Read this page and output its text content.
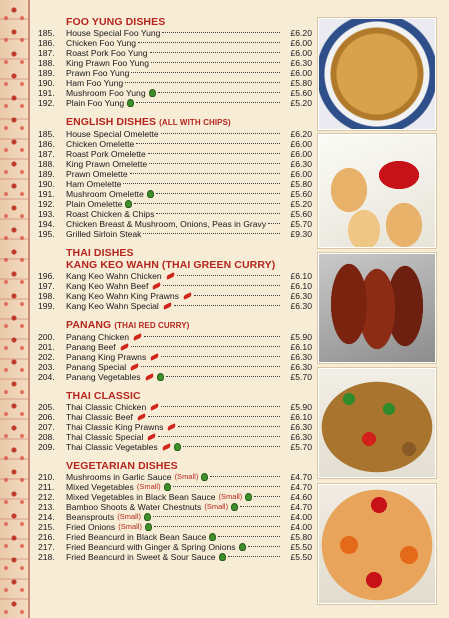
FOO YUNG DISHES
185.	House Special Foo Yung	£6.20
186.	Chicken Foo Yung	£6.00
187.	Roast Pork Foo Yung	£6.00
188.	King Prawn Foo Yung	£6.30
189.	Prawn Foo Yung	£6.00
190.	Ham Foo Yung	£5.80
191.	Mushroom Foo Yung	£5.60
192.	Plain Foo Yung	£5.20
ENGLISH DISHES (ALL WITH CHIPS)
185.	House Special Omelette	£6.20
186.	Chicken Omelette	£6.00
187.	Roast Pork Omelette	£6.00
188.	King Prawn Omelette	£6.30
189.	Prawn Omelette	£6.00
190.	Ham Omelette	£5.80
191.	Mushroom Omelette	£5.60
192.	Plain Omelette	£5.20
193.	Roast Chicken & Chips	£5.60
194.	Chicken Breast & Mushroom, Onions, Peas in Gravy	£5.70
195.	Grilled Sirloin Steak	£9.30
THAI DISHES
KANG KEO WAHN (THAI GREEN CURRY)
196.	Kang Keo Wahn Chicken	£6.10
197.	Kang Keo Wahn Beef	£6.10
198.	Kang Keo Wahn King Prawns	£6.30
199.	Kang Keo Wahn Special	£6.30
PANANG (THAI RED CURRY)
200.	Panang Chicken	£5.90
201.	Panang Beef	£6.10
202.	Panang King Prawns	£6.30
203.	Panang Special	£6.30
204.	Panang Vegetables	£5.70
THAI CLASSIC
205.	Thai Classic Chicken	£5.90
206.	Thai Classic Beef	£6.10
207.	Thai Classic King Prawns	£6.30
208.	Thai Classic Special	£6.30
209.	Thai Classic Vegetables	£5.70
VEGETARIAN DISHES
210.	Mushrooms in Garlic Sauce (Small)	£4.70
211.	Mixed Vegetables (Small)	£4.70
212.	Mixed Vegetables in Black Bean Sauce (Small)	£4.60
213.	Bamboo Shoots & Water Chestnuts (Small)	£4.70
214.	Beansprouts (Small)	£4.00
215.	Fried Onions (Small)	£4.00
216.	Fried Beancurd in Black Bean Sauce	£5.80
217.	Fried Beancurd with Ginger & Spring Onions	£5.50
218.	Fried Beancurd in Sweet & Sour Sauce	£5.50
